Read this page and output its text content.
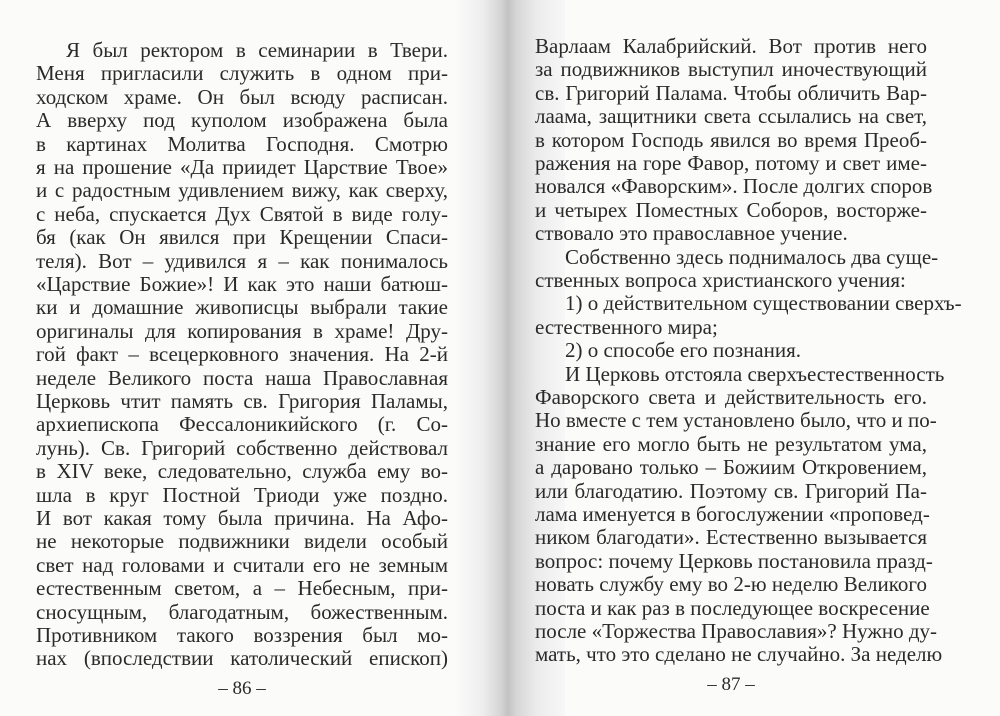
Я был ректором в семинарии в Твери.
Меня пригласили служить в одном при-
ходском храме. Он был всюду расписан.
А вверху под куполом изображена была
в картинах Молитва Господня. Смотрю
я на прошение «Да приидет Царствие Твое»
и с радостным удивлением вижу, как сверху,
с неба, спускается Дух Святой в виде голу-
бя (как Он явился при Крещении Спаси-
теля). Вот – удивился я – как понималось
«Царствие Божие»! И как это наши батюш-
ки и домашние живописцы выбрали такие
оригиналы для копирования в храме! Дру-
гой факт – всецерковного значения. На 2-й
неделе Великого поста наша Православная
Церковь чтит память св. Григория Паламы,
архиепископа Фессалоникийского (г. Со-
лунь). Св. Григорий собственно действовал
в XIV веке, следовательно, служба ему во-
шла в круг Постной Триоди уже поздно.
И вот какая тому была причина. На Афо-
не некоторые подвижники видели особый
свет над головами и считали его не земным
естественным светом, а – Небесным, при-
сносущным, благодатным, божественным.
Противником такого воззрения был мо-
нах (впоследствии католический епископ)
– 86 –
Варлаам Калабрийский. Вот против него
за подвижников выступил иночествующий
св. Григорий Палама. Чтобы обличить Вар-
лаама, защитники света ссылались на свет,
в котором Господь явился во время Преоб-
ражения на горе Фавор, потому и свет име-
новался «Фаворским». После долгих споров
и четырех Поместных Соборов, восторже-
ствовало это православное учение.
Собственно здесь поднималось два суще-
ственных вопроса христианского учения:
1) о действительном существовании сверхъ-
естественного мира;
2) о способе его познания.
И Церковь отстояла сверхъестественность
Фаворского света и действительность его.
Но вместе с тем установлено было, что и по-
знание его могло быть не результатом ума,
а даровано только – Божиим Откровением,
или благодатию. Поэтому св. Григорий Па-
лама именуется в богослужении «проповед-
ником благодати». Естественно вызывается
вопрос: почему Церковь постановила празд-
новать службу ему во 2-ю неделю Великого
поста и как раз в последующее воскресение
после «Торжества Православия»? Нужно ду-
мать, что это сделано не случайно. За неделю
– 87 –
